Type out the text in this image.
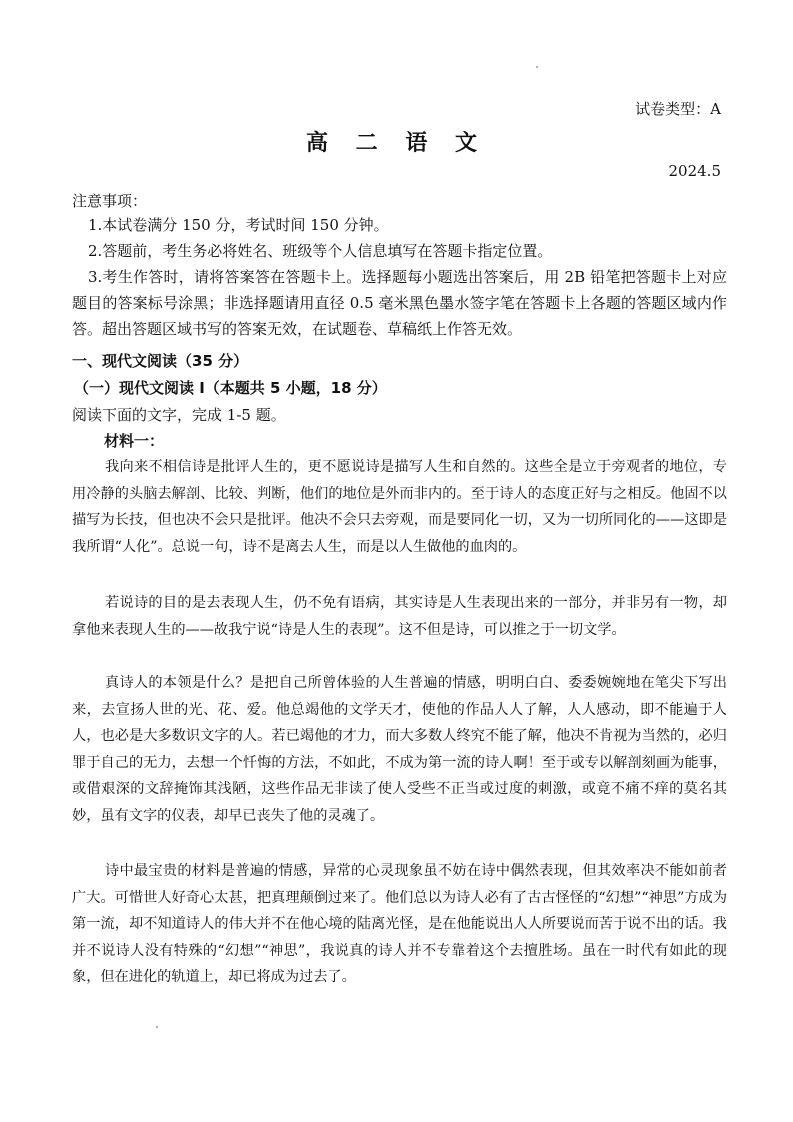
试卷类型：A
高 二 语 文
2024.5
注意事项：
1.本试卷满分 150 分，考试时间 150 分钟。
2.答题前，考生务必将姓名、班级等个人信息填写在答题卡指定位置。
3.考生作答时，请将答案答在答题卡上。选择题每小题选出答案后，用 2B 铅笔把答题卡上对应题目的答案标号涂黑；非选择题请用直径 0.5 毫米黑色墨水签字笔在答题卡上各题的答题区域内作答。超出答题区域书写的答案无效，在试题卷、草稿纸上作答无效。
一、现代文阅读（35 分）
（一）现代文阅读 I（本题共 5 小题，18 分）
阅读下面的文字，完成 1-5 题。
材料一：

我向来不相信诗是批评人生的，更不愿说诗是描写人生和自然的。这些全是立于旁观者的地位，专用冷静的头脑去解剖、比较、判断，他们的地位是外而非内的。至于诗人的态度正好与之相反。他固不以描写为长技，但也决不会只是批评。他决不会只去旁观，而是要同化一切，又为一切所同化的——这即是我所谓“人化”。总说一句，诗不是离去人生，而是以人生做他的血肉的。

若说诗的目的是去表现人生，仍不免有语病，其实诗是人生表现出来的一部分，并非另有一物，却拿他来表现人生的——故我宁说“诗是人生的表现”。这不但是诗，可以推之于一切文学。

真诗人的本领是什么？是把自己所曾体验的人生普遍的情感，明明白白、委委婉婉地在笔尖下写出来，去宣扬人世的光、花、爱。他总竭他的文学天才，使他的作品人人了解，人人感动，即不能遍于人人，也必是大多数识文字的人。若已竭他的才力，而大多数人终究不能了解，他决不肯视为当然的，必归罪于自己的无力，去想一个忏悔的方法，不如此，不成为第一流的诗人啊！至于或专以解剖刻画为能事，或借艰深的文辞掩饰其浅陋，这些作品无非读了使人受些不正当或过度的刺激，或竟不痛不痒的莫名其妙，虽有文字的仪表，却早已丧失了他的灵魂了。

诗中最宝贵的材料是普遍的情感，异常的心灵现象虽不妨在诗中偶然表现，但其效率决不能如前者广大。可惜世人好奇心太甚，把真理颠倒过来了。他们总以为诗人必有了古古怪怪的“幻想”“神思”方成为第一流，却不知道诗人的伟大并不在他心境的陆离光怪，是在他能说出人人所要说而苦于说不出的话。我并不说诗人没有特殊的“幻想”“神思”，我说真的诗人并不专靠着这个去擅胜场。虽在一时代有如此的现象，但在进化的轨道上，却已将成为过去了。
